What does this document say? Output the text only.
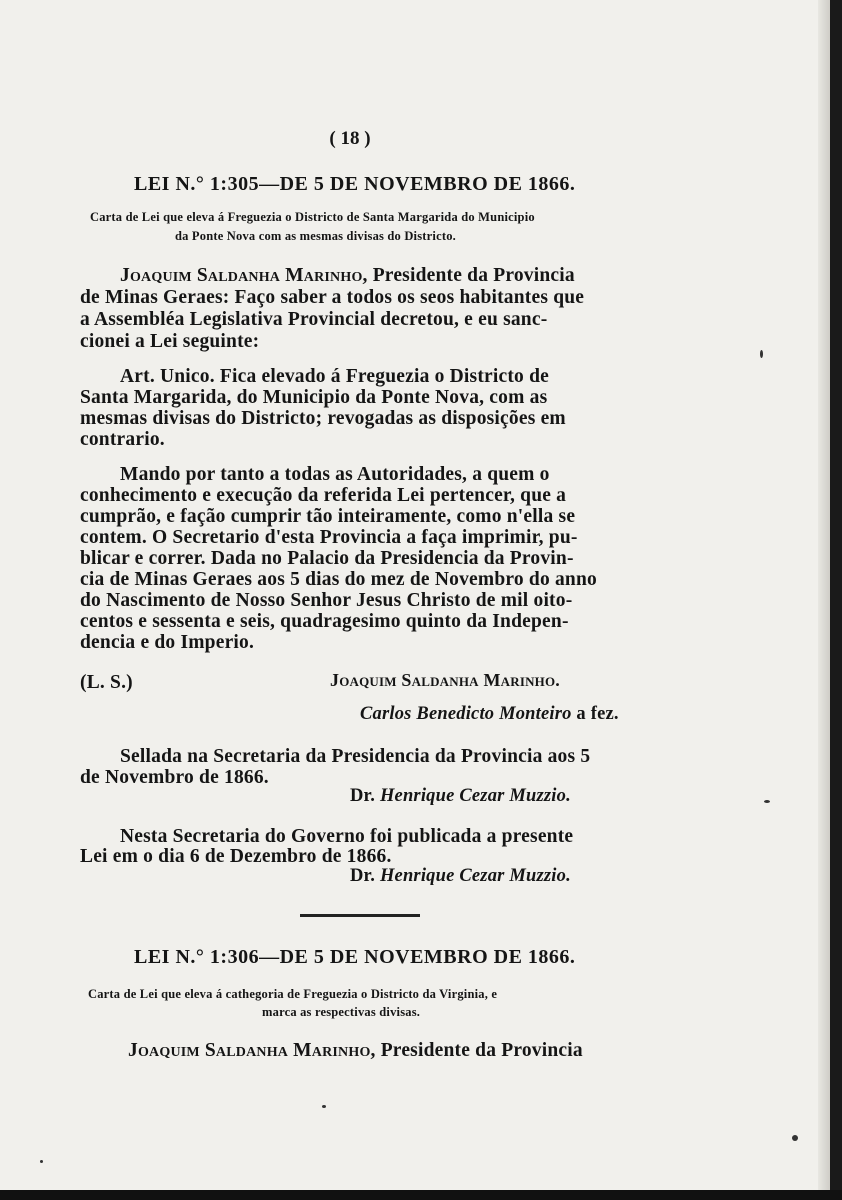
( 18 )
LEI N.° 1:305—DE 5 DE NOVEMBRO DE 1866.
Carta de Lei que eleva á Freguezia o Districto de Santa Margarida do Municipio
da Ponte Nova com as mesmas divisas do Districto.
Joaquim Saldanha Marinho, Presidente da Provincia
de Minas Geraes: Faço saber a todos os seos habitantes que
a Assembléa Legislativa Provincial decretou, e eu sanc-
cionei a Lei seguinte:
Art. Unico. Fica elevado á Freguezia o Districto de
Santa Margarida, do Municipio da Ponte Nova, com as
mesmas divisas do Districto; revogadas as disposições em
contrario.
Mando por tanto a todas as Autoridades, a quem o
conhecimento e execução da referida Lei pertencer, que a
cumprão, e fação cumprir tão inteiramente, como n'ella se
contem. O Secretario d'esta Provincia a faça imprimir, pu-
blicar e correr. Dada no Palacio da Presidencia da Provin-
cia de Minas Geraes aos 5 dias do mez de Novembro do anno
do Nascimento de Nosso Senhor Jesus Christo de mil oito-
centos e sessenta e seis, quadragesimo quinto da Indepen-
dencia e do Imperio.
(L. S.)	Joaquim Saldanha Marinho.
Carlos Benedicto Monteiro a fez.
Sellada na Secretaria da Presidencia da Provincia aos 5
de Novembro de 1866.
Dr. Henrique Cezar Muzzio.
Nesta Secretaria do Governo foi publicada a presente
Lei em o dia 6 de Dezembro de 1866.
Dr. Henrique Cezar Muzzio.
LEI N.° 1:306—DE 5 DE NOVEMBRO DE 1866.
Carta de Lei que eleva á cathegoria de Freguezia o Districto da Virginia, e
marca as respectivas divisas.
Joaquim Saldanha Marinho, Presidente da Provincia
